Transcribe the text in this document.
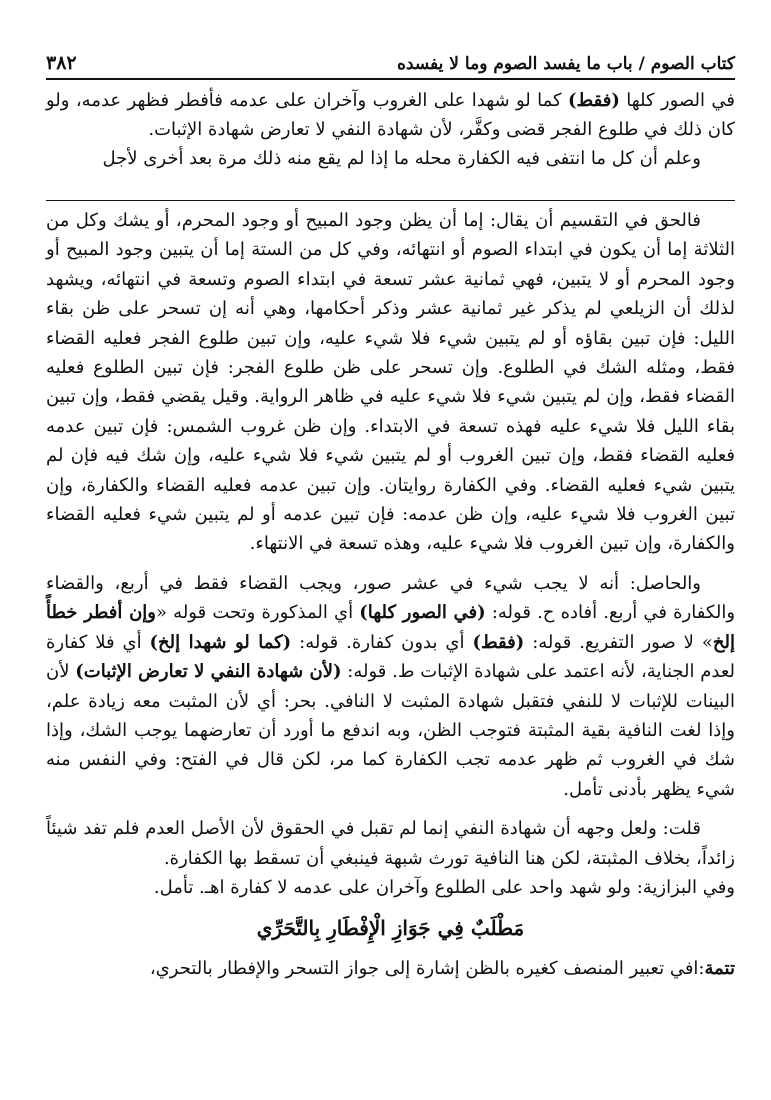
كتاب الصوم / باب ما يفسد الصوم وما لا يفسده
٣٨٢

في الصور كلها (فقط) كما لو شهدا على الغروب وآخران على عدمه فأفطر فظهر عدمه، ولو كان ذلك في طلوع الفجر قضى وكفَّر، لأن شهادة النفي لا تعارض شهادة الإثبات.
وعلم أن كل ما انتفى فيه الكفارة محله ما إذا لم يقع منه ذلك مرة بعد أخرى لأجل

فالحق في التقسيم أن يقال: إما أن يظن وجود المبيح أو وجود المحرم، أو يشك وكل من الثلاثة إما أن يكون في ابتداء الصوم أو انتهائه، وفي كل من الستة إما أن يتبين وجود المبيح أو وجود المحرم أو لا يتبين، فهي ثمانية عشر تسعة في ابتداء الصوم وتسعة في انتهائه، ويشهد لذلك أن الزيلعي لم يذكر غير ثمانية عشر وذكر أحكامها، وهي أنه إن تسحر على ظن بقاء الليل: فإن تبين بقاؤه أو لم يتبين شيء فلا شيء عليه، وإن تبين طلوع الفجر فعليه القضاء فقط، ومثله الشك في الطلوع. وإن تسحر على ظن طلوع الفجر: فإن تبين الطلوع فعليه القضاء فقط، وإن لم يتبين شيء فلا شيء عليه في ظاهر الرواية. وقيل يقضي فقط، وإن تبين بقاء الليل فلا شيء عليه فهذه تسعة في الابتداء. وإن ظن غروب الشمس: فإن تبين عدمه فعليه القضاء فقط، وإن تبين الغروب أو لم يتبين شيء فلا شيء عليه، وإن شك فيه فإن لم يتبين شيء فعليه القضاء. وفي الكفارة روايتان. وإن تبين عدمه فعليه القضاء والكفارة، وإن تبين الغروب فلا شيء عليه، وإن ظن عدمه: فإن تبين عدمه أو لم يتبين شيء فعليه القضاء والكفارة، وإن تبين الغروب فلا شيء عليه، وهذه تسعة في الانتهاء.

والحاصل: أنه لا يجب شيء في عشر صور، ويجب القضاء فقط في أربع، والقضاء والكفارة في أربع. أفاده ح. قوله: (في الصور كلها) أي المذكورة وتحت قوله «وإن أفطر خطأً إلخ» لا صور التفريع. قوله: (فقط) أي بدون كفارة. قوله: (كما لو شهدا إلخ) أي فلا كفارة لعدم الجناية، لأنه اعتمد على شهادة الإثبات ط. قوله: (لأن شهادة النفي لا تعارض الإثبات) لأن البينات للإثبات لا للنفي فتقبل شهادة المثبت لا النافي. بحر: أي لأن المثبت معه زيادة علم، وإذا لغت النافية بقية المثبتة فتوجب الظن، وبه اندفع ما أورد أن تعارضهما يوجب الشك، وإذا شك في الغروب ثم ظهر عدمه تجب الكفارة كما مر، لكن قال في الفتح: وفي النفس منه شيء يظهر بأدنى تأمل.

قلت: ولعل وجهه أن شهادة النفي إنما لم تقبل في الحقوق لأن الأصل العدم فلم تفد شيئاً زائداً، بخلاف المثبتة، لكن هنا النافية تورث شبهة فينبغي أن تسقط بها الكفارة.

وفي البزازية: ولو شهد واحد على الطلوع وآخران على عدمه لا كفارة اهـ. تأمل.

مَطْلَبٌ فِي جَوَازِ الْإِفْطَارِ بِالتَّحَرِّي

تتمة:افي تعبير المنصف كغيره بالظن إشارة إلى جواز التسحر والإفطار بالتحري،
